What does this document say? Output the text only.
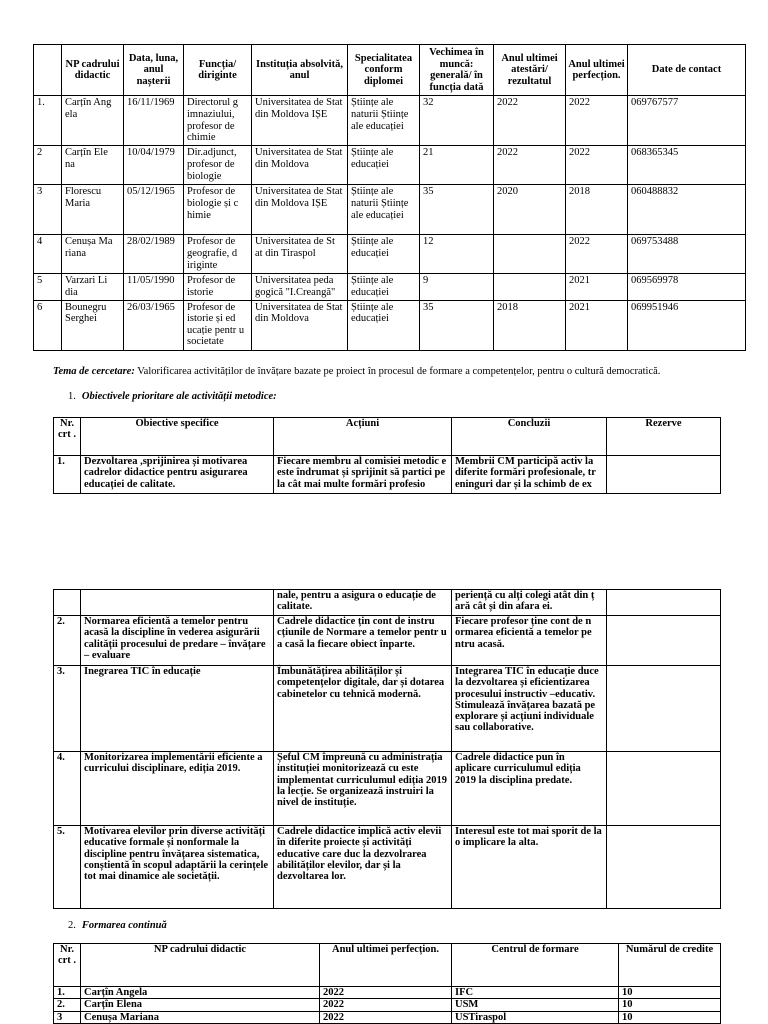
	NP cadrului didactic	Data, luna, anul nașterii	Funcția/ diriginte	Instituția absolvită, anul	Specialitatea conform diplomei	Vechimea în muncă: generală/ în funcția dată	Anul ultimei atestări/ rezultatul	Anul ultimei perfecțion.	Date de contact
1.	Carțîn Ang ela	16/11/1969	Directorul g imnaziului, profesor de chimie	Universitatea de Stat din Moldova IȘE	Științe ale naturii Științe ale educației	32	2022	2022	069767577
2	Carțîn Ele na	10/04/1979	Dir.adjunct, profesor de biologie	Universitatea de Stat din Moldova	Științe ale educației	21	2022	2022	068365345
3	Florescu Maria	05/12/1965	Profesor de biologie și c himie	Universitatea de Stat din Moldova IȘE	Științe ale naturii Științe ale educației	35	2020	2018	060488832
4	Cenușa Ma riana	28/02/1989	Profesor de geografie, d iriginte	Universitatea de St at din Tiraspol	Științe ale educației	12		2022	069753488
5	Varzari Li dia	11/05/1990	Profesor de istorie	Universitatea peda gogică "I.Creangă"	Științe ale educației	9		2021	069569978
6	Bounegru Serghei	26/03/1965	Profesor de istorie și ed ucație pentr u societate	Universitatea de Stat din Moldova	Științe ale educației	35	2018	2021	069951946
Tema de cercetare: Valorificarea activităților de învățare bazate pe proiect în procesul de formare a competențelor, pentru o cultură democratică.
1. Obiectivele prioritare ale activității metodice:
Nr. crt .	Obiective specifice	Acțiuni	Concluzii	Rezerve
1.	Dezvoltarea ,sprijinirea și motivarea cadrelor didactice pentru asigurarea educației de calitate.	Fiecare membru al comisiei metodic e este îndrumat și sprijinit să partici pe la cât mai multe formări profesio	Membrii CM participă activ la diferite formări profesionale, tr eninguri dar și la schimb de ex	
		nale, pentru a asigura o educație de calitate.	periență cu alți colegi atât din ț ară cât și din afara ei.	
2.	Normarea eficientă a temelor pentru acasă la discipline în vederea asigurării calității procesului de predare – învățare – evaluare	Cadrele didactice țin cont de instru cțiunile de Normare a temelor pentr u a casă la fiecare obiect înparte.	Fiecare profesor ține cont de n ormarea eficientă a temelor pe ntru acasă.	
3.	Inegrarea TIC în educație	Îmbunătățirea abilităților și competențelor digitale, dar și dotarea cabinetelor cu tehnică modernă.	Integrarea TIC în educație duce la dezvoltarea și eficientizarea procesului instructiv –educativ. Stimulează învățarea bazată pe explorare și acțiuni individuale sau collaborative.	
4.	Monitorizarea implementării eficiente a curricului disciplinare, ediția 2019.	Șeful CM împreună cu administrația instituției monitorizează cu este implementat curriculumul ediția 2019 la lecție. Se organizează instruiri la nivel de instituție.	Cadrele didactice pun în aplicare curriculumul ediția 2019 la disciplina predate.	
5.	Motivarea elevilor prin diverse activități educative formale și nonformale la discipline pentru învățarea sistematica, conștientă în scopul adaptării la cerințele tot mai dinamice ale societății.	Cadrele didactice implică activ elevii în diferite proiecte și activități educative care duc la dezvolrarea abilităților elevilor, dar și la dezvoltarea lor.	Interesul este tot mai sporit de la o implicare la alta.	
2. Formarea continuă
Nr. crt .	NP cadrului didactic	Anul ultimei perfecțion.	Centrul de formare	Numărul de credite
1.	Carțîn Angela	2022	IFC	10
2.	Carțîn Elena	2022	USM	10
3	Cenușa Mariana	2022	USTiraspol	10
